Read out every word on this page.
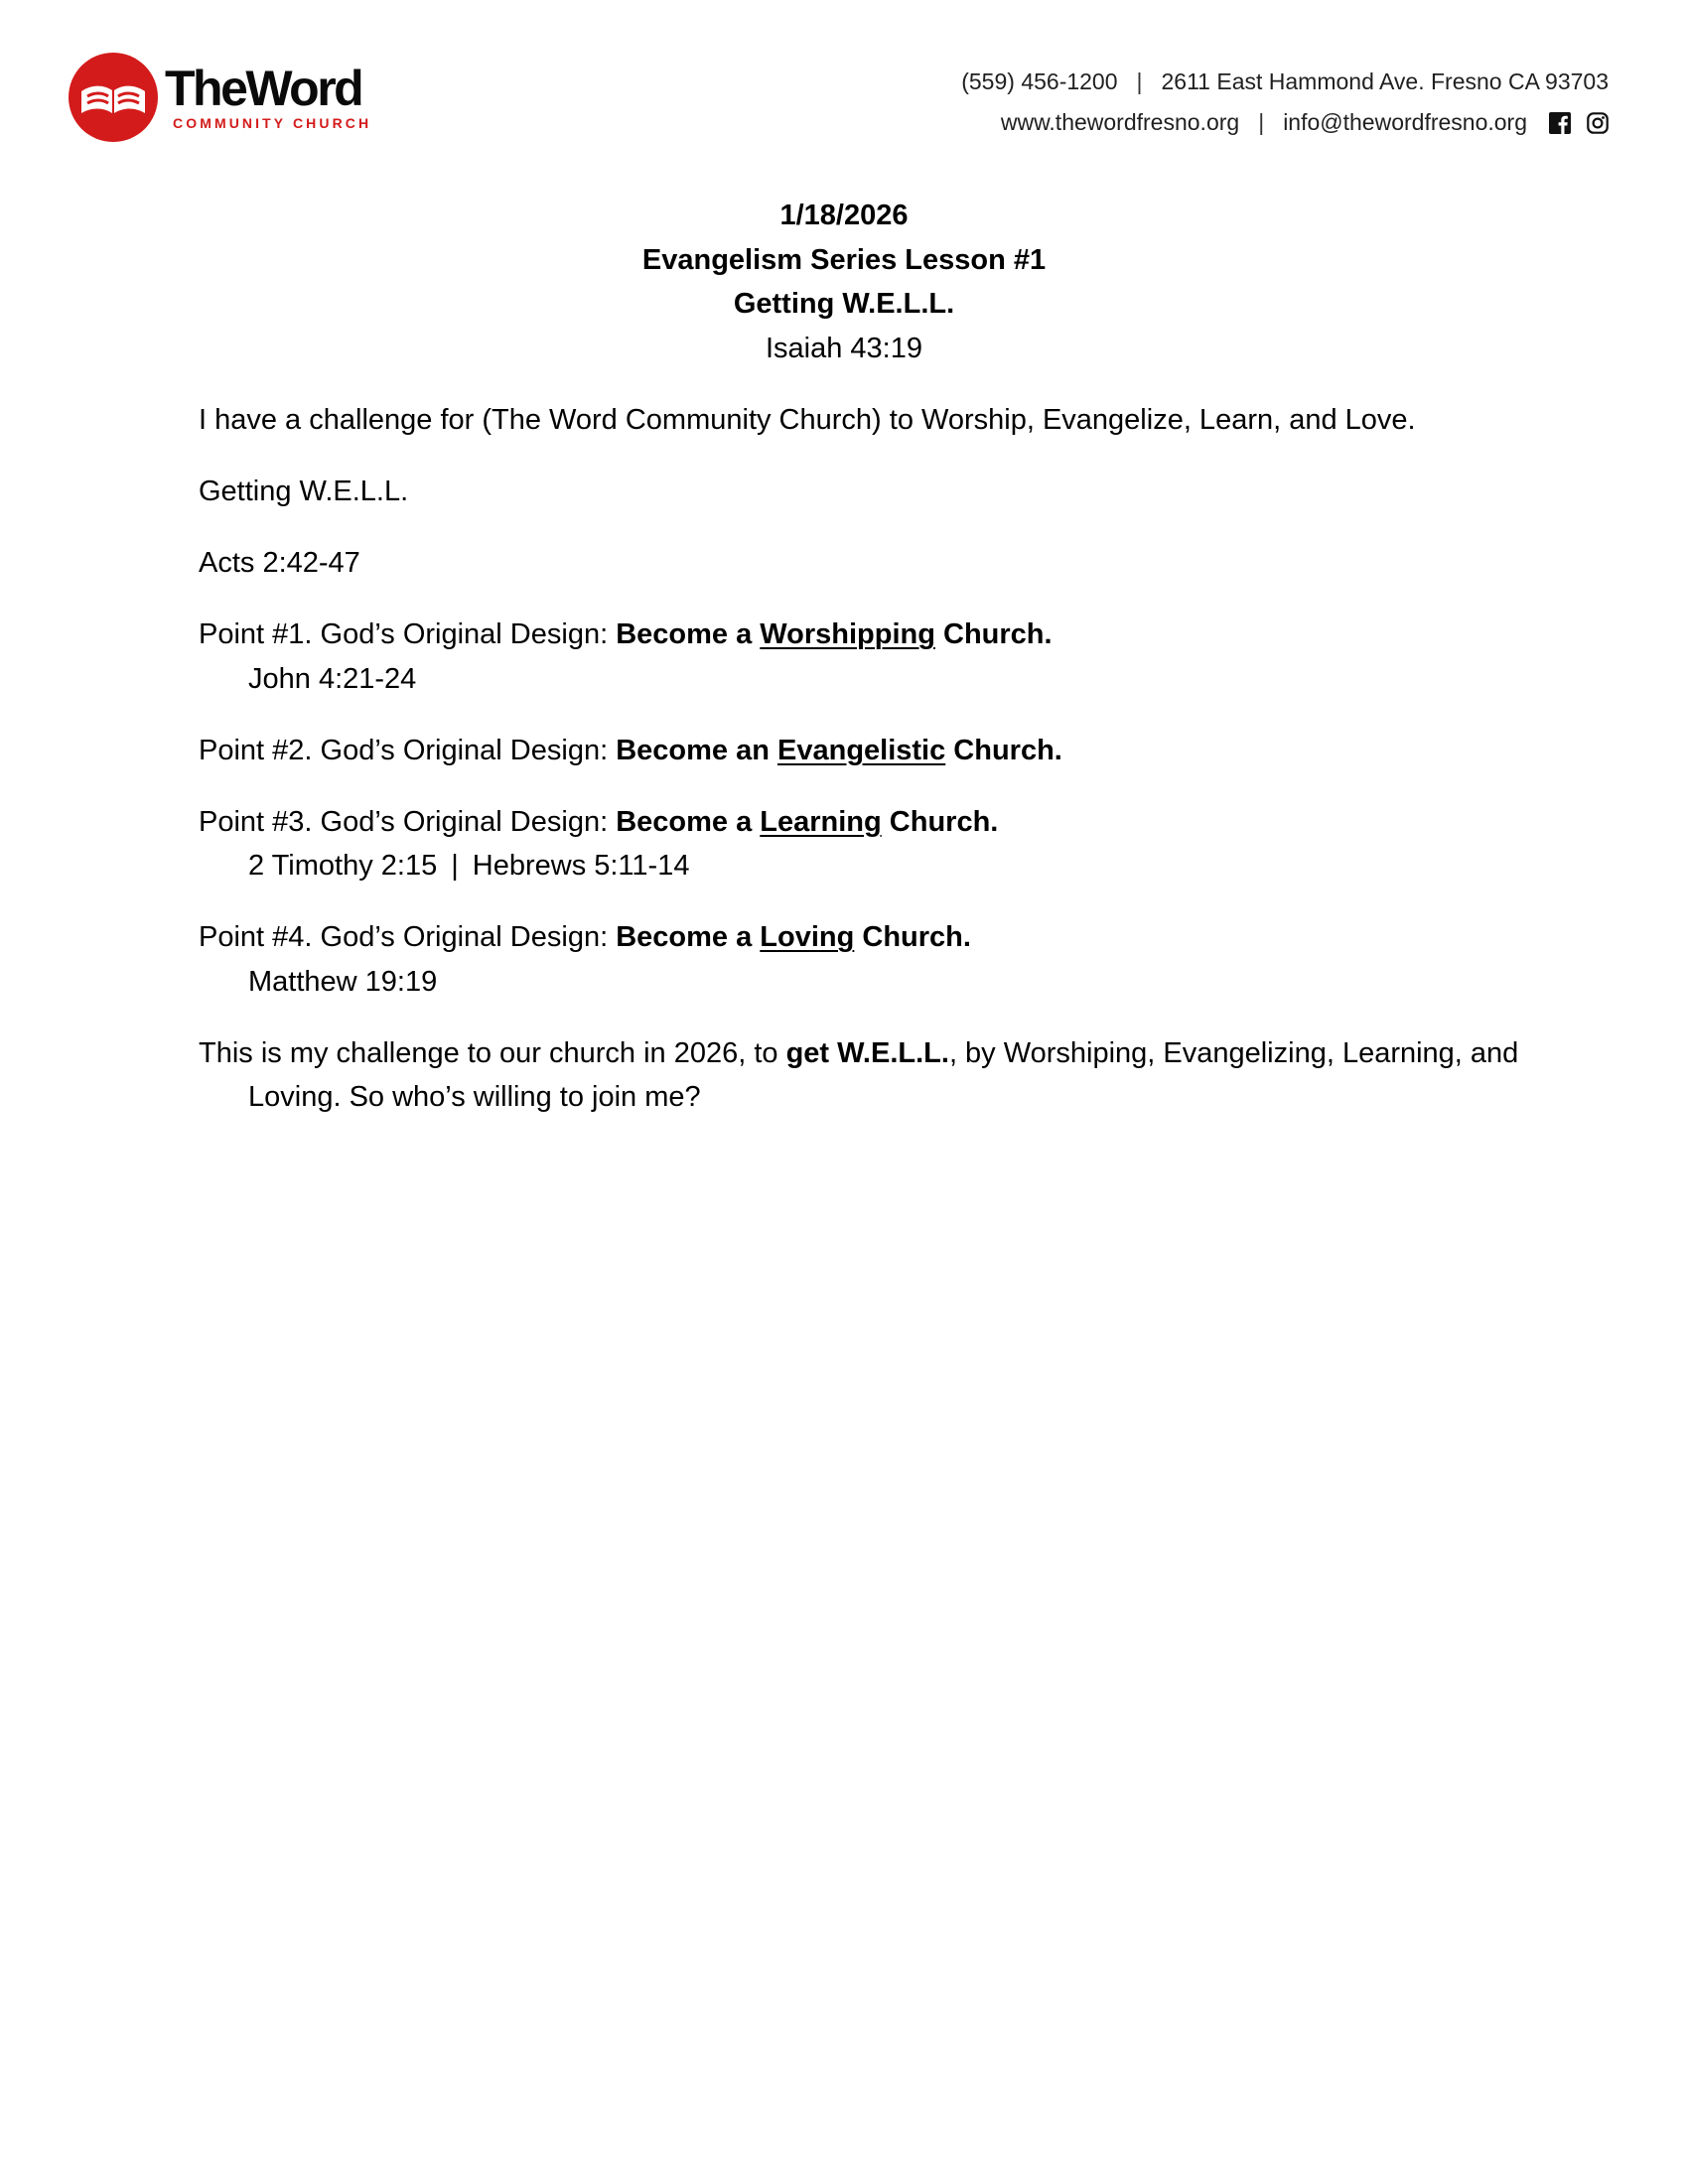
TheWord
COMMUNITY CHURCH
(559) 456-1200 | 2611 East Hammond Ave. Fresno CA 93703
www.thewordfresno.org | info@thewordfresno.org
1/18/2026
Evangelism Series Lesson #1
Getting W.E.L.L.
Isaiah 43:19

I have a challenge for (The Word Community Church) to Worship, Evangelize, Learn, and Love.

Getting W.E.L.L.

Acts 2:42-47

Point #1. God’s Original Design: Become a Worshipping Church.
John 4:21-24
Point #2. God’s Original Design: Become an Evangelistic Church.
Point #3. God’s Original Design: Become a Learning Church.
2 Timothy 2:15 | Hebrews 5:11-14
Point #4. God’s Original Design: Become a Loving Church.
Matthew 19:19

This is my challenge to our church in 2026, to get W.E.L.L., by Worshiping, Evangelizing, Learning, and Loving. So who’s willing to join me?
